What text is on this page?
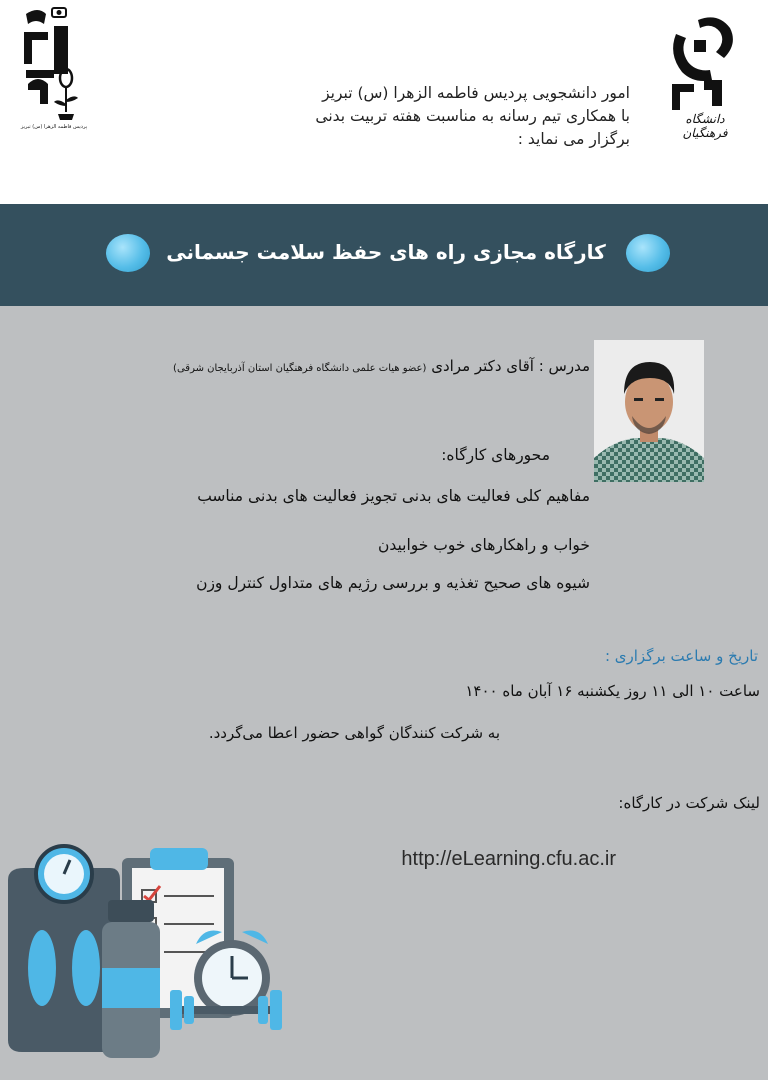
پردیس فاطمه الزهرا (س) تبریز
دانشگاه فرهنگیان
امور دانشجویی پردیس فاطمه الزهرا (س) تبریز
با همکاری تیم رسانه به مناسبت هفته تربیت بدنی
برگزار می نماید :
کارگاه مجازی راه های حفظ سلامت جسمانی
مدرس : آقای دکتر مرادی (عضو هیات علمی دانشگاه فرهنگیان استان آذربایجان شرقی)
محورهای کارگاه:
مفاهیم کلی فعالیت های بدنی تجویز فعالیت های بدنی مناسب
خواب و راهکارهای خوب خوابیدن
شیوه های صحیح تغذیه و بررسی رژیم های متداول کنترل وزن
تاریخ و ساعت برگزاری :
ساعت ۱۰ الی ۱۱ روز یکشنبه ۱۶ آبان ماه ۱۴۰۰
به شرکت کنندگان گواهی حضور اعطا می‌گردد.
لینک شرکت در کارگاه:
http://eLearning.cfu.ac.ir
